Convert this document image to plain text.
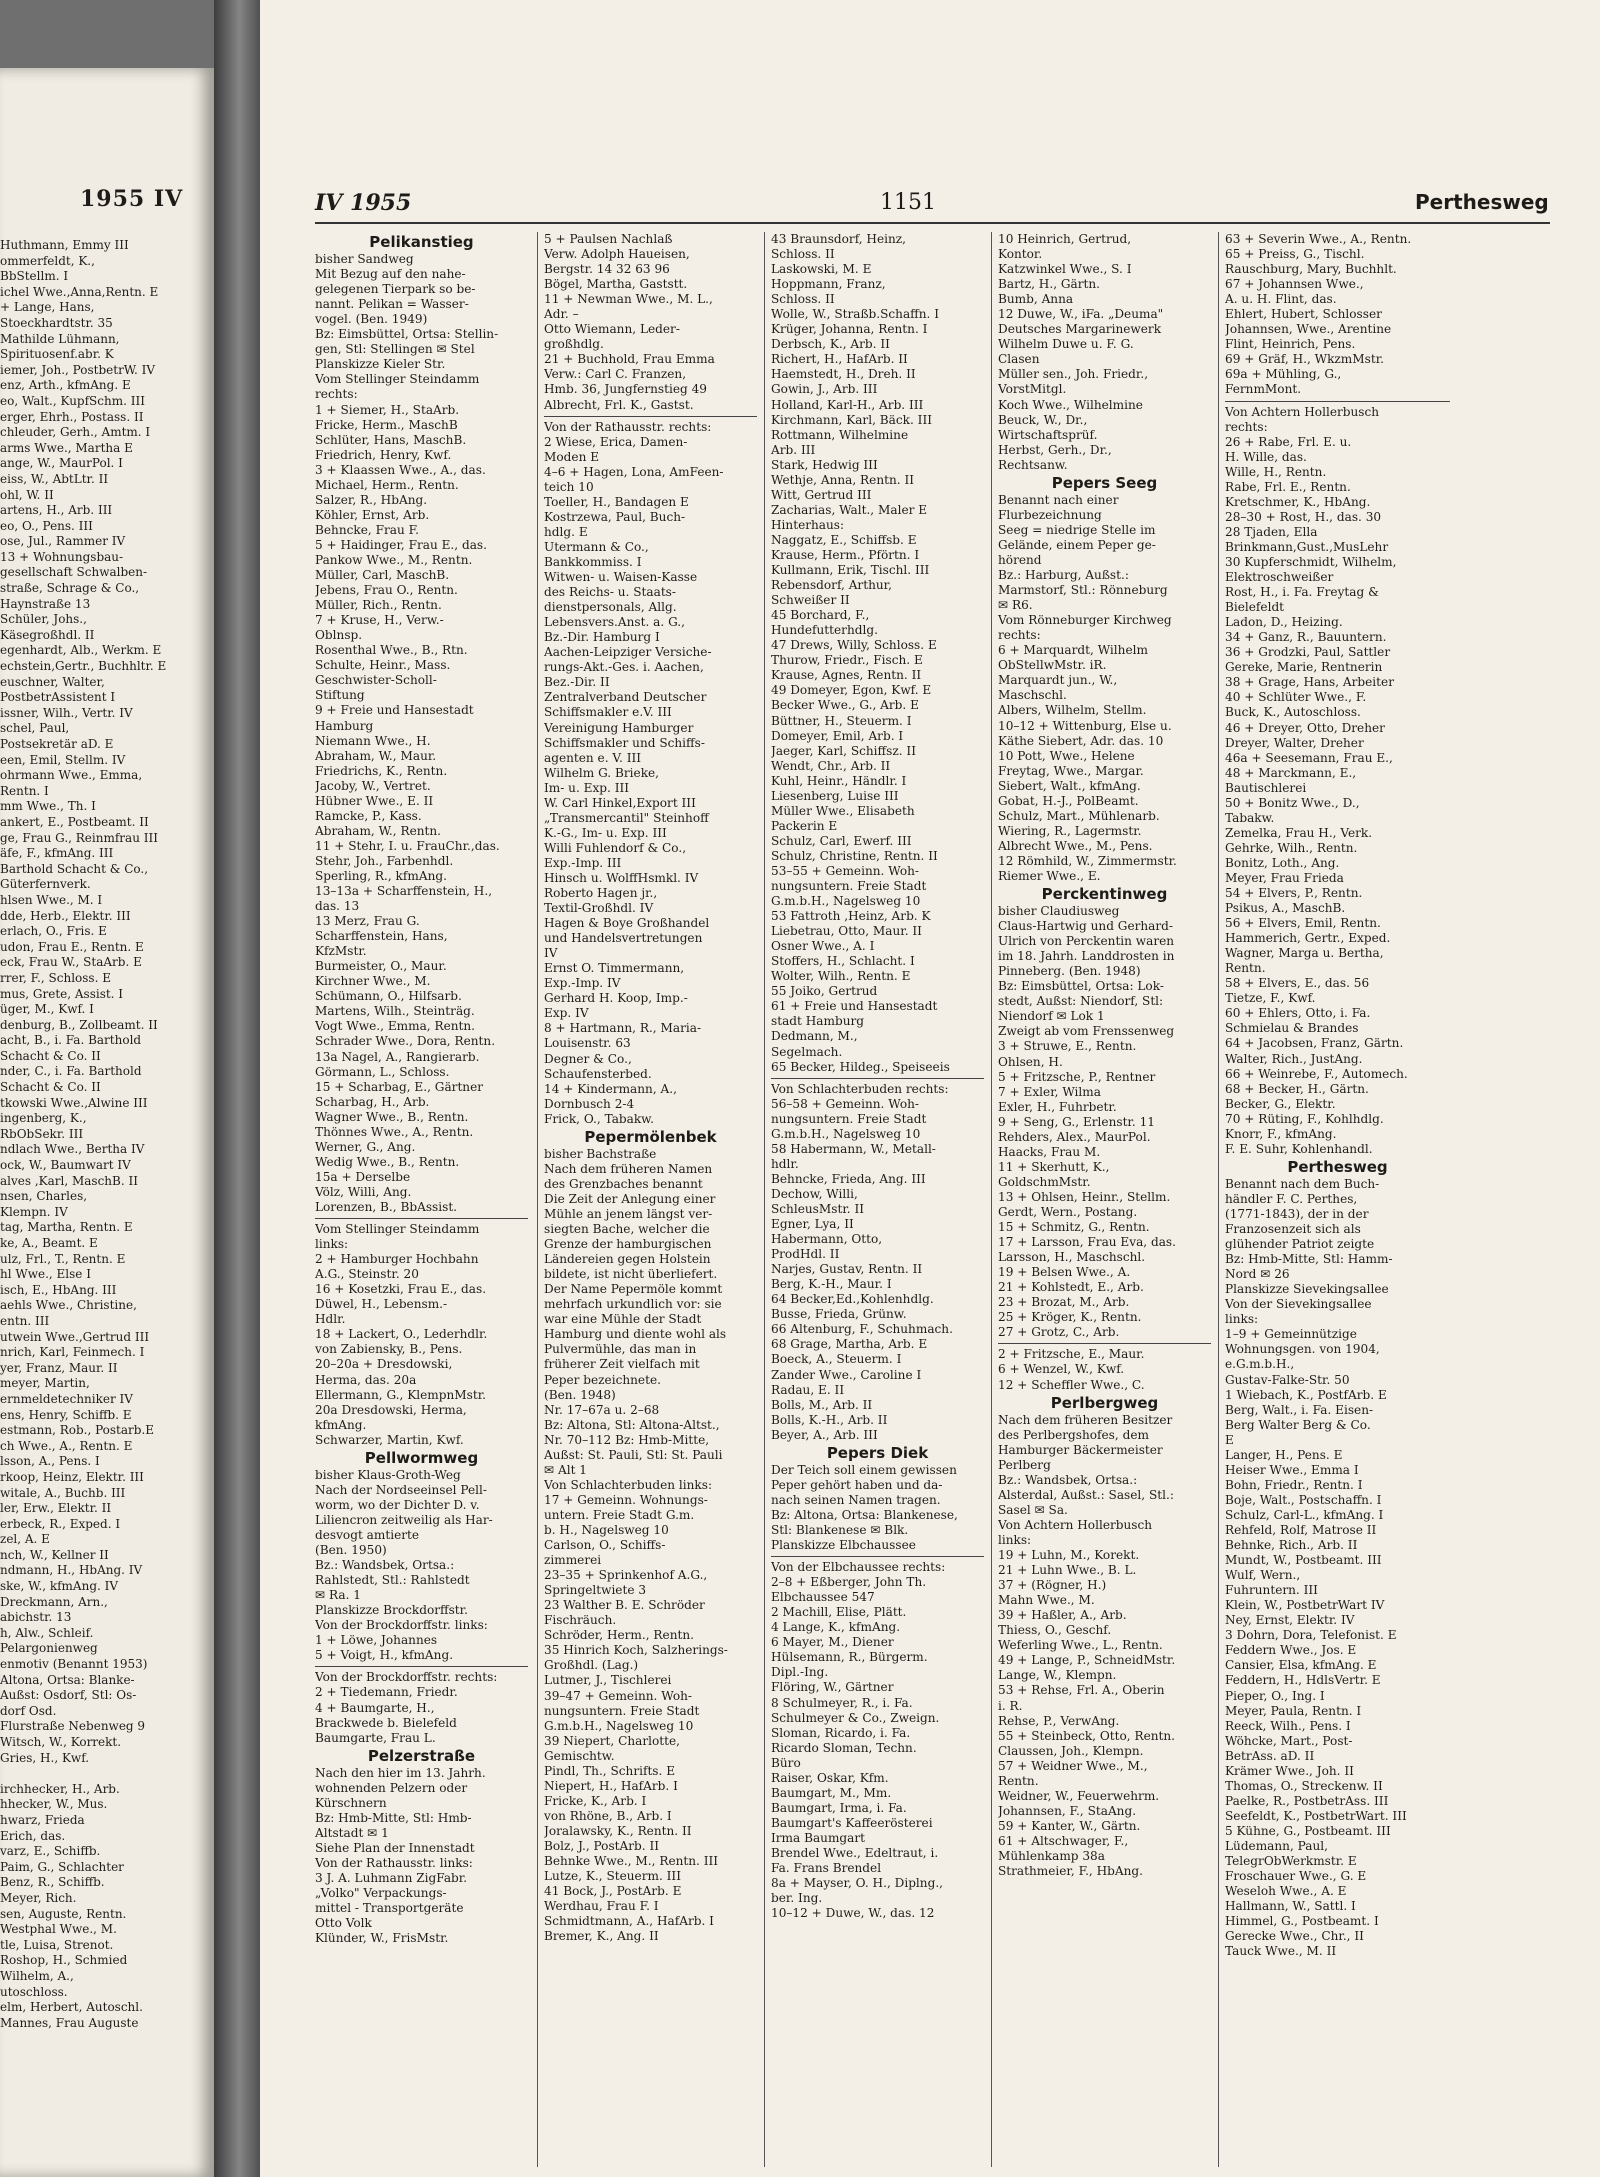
1955 IV
Huthmann, Emmy III
ommerfeldt, K.,
BbStellm. I
ichel Wwe.,Anna,Rentn. E
+ Lange, Hans,
Stoeckhardtstr. 35
Mathilde Lühmann,
Spirituosenf.abr. K
iemer, Joh., PostbetrW. IV
enz, Arth., kfmAng. E
eo, Walt., KupfSchm. III
erger, Ehrh., Postass. II
chleuder, Gerh., Amtm. I
arms Wwe., Martha E
ange, W., MaurPol. I
eiss, W., AbtLtr. II
ohl, W. II
artens, H., Arb. III
eo, O., Pens. III
ose, Jul., Rammer IV
13 + Wohnungsbau-
gesellschaft Schwalben-
straße, Schrage & Co.,
Haynstraße 13
Schüler, Johs.,
Käsegroßhdl. II
egenhardt, Alb., Werkm. E
echstein,Gertr., Buchhltr. E
euschner, Walter,
PostbetrAssistent I
issner, Wilh., Vertr. IV
schel, Paul,
Postsekretär aD. E
een, Emil, Stellm. IV
ohrmann Wwe., Emma,
Rentn. I
mm Wwe., Th. I
ankert, E., Postbeamt. II
ge, Frau G., Reinmfrau III
äfe, F., kfmAng. III
Barthold Schacht & Co.,
Güterfernverk.
hlsen Wwe., M. I
dde, Herb., Elektr. III
erlach, O., Fris. E
udon, Frau E., Rentn. E
eck, Frau W., StaArb. E
rrer, F., Schloss. E
mus, Grete, Assist. I
üger, M., Kwf. I
denburg, B., Zollbeamt. II
acht, B., i. Fa. Barthold
Schacht & Co. II
nder, C., i. Fa. Barthold
Schacht & Co. II
tkowski Wwe.,Alwine III
ingenberg, K.,
RbObSekr. III
ndlach Wwe., Bertha IV
ock, W., Baumwart IV
alves ,Karl, MaschB. II
nsen, Charles,
Klempn. IV
tag, Martha, Rentn. E
ke, A., Beamt. E
ulz, Frl., T., Rentn. E
hl Wwe., Else I
isch, E., HbAng. III
aehls Wwe., Christine,
entn. III
utwein Wwe.,Gertrud III
nrich, Karl, Feinmech. I
yer, Franz, Maur. II
meyer, Martin,
ernmeldetechniker IV
ens, Henry, Schiffb. E
estmann, Rob., Postarb.E
ch Wwe., A., Rentn. E
lsson, A., Pens. I
rkoop, Heinz, Elektr. III
witale, A., Buchb. III
ler, Erw., Elektr. II
erbeck, R., Exped. I
zel, A. E
nch, W., Kellner II
ndmann, H., HbAng. IV
ske, W., kfmAng. IV
Dreckmann, Arn.,
abichstr. 13
h, Alw., Schleif.
Pelargonienweg
enmotiv (Benannt 1953)
Altona, Ortsa: Blanke-
Außst: Osdorf, Stl: Os-
dorf Osd.
Flurstraße Nebenweg 9
Witsch, W., Korrekt.
Gries, H., Kwf.

irchhecker, H., Arb.
hhecker, W., Mus.
hwarz, Frieda
Erich, das.
varz, E., Schiffb.
Paim, G., Schlachter
Benz, R., Schiffb.
Meyer, Rich.
sen, Auguste, Rentn.
Westphal Wwe., M.
tle, Luisa, Strenot.
Roshop, H., Schmied
Wilhelm, A.,
utoschloss.
elm, Herbert, Autoschl.
Mannes, Frau Auguste
IV 1955	1151	Perthesweg
Pelikanstieg
bisher Sandweg
Mit Bezug auf den nahe-
gelegenen Tierpark so be-
nannt. Pelikan = Wasser-
vogel. (Ben. 1949)
Bz: Eimsbüttel, Ortsa: Stellin-
gen, Stl: Stellingen ✉ Stel
Planskizze Kieler Str.
Vom Stellinger Steindamm
rechts:
1 + Siemer, H., StaArb.
Fricke, Herm., MaschB
Schlüter, Hans, MaschB.
Friedrich, Henry, Kwf.
3 + Klaassen Wwe., A., das.
Michael, Herm., Rentn.
Salzer, R., HbAng.
Köhler, Ernst, Arb.
Behncke, Frau F.
5 + Haidinger, Frau E., das.
Pankow Wwe., M., Rentn.
Müller, Carl, MaschB.
Jebens, Frau O., Rentn.
Müller, Rich., Rentn.
7 + Kruse, H., Verw.-
Oblnsp.
Rosenthal Wwe., B., Rtn.
Schulte, Heinr., Mass.
Geschwister-Scholl-
Stiftung
9 + Freie und Hansestadt
Hamburg
Niemann Wwe., H.
Abraham, W., Maur.
Friedrichs, K., Rentn.
Jacoby, W., Vertret.
Hübner Wwe., E. II
Ramcke, P., Kass.
Abraham, W., Rentn.
11 + Stehr, I. u. FrauChr.,das.
Stehr, Joh., Farbenhdl.
Sperling, R., kfmAng.
13–13a + Scharffenstein, H.,
das. 13
13 Merz, Frau G.
Scharffenstein, Hans,
KfzMstr.
Burmeister, O., Maur.
Kirchner Wwe., M.
Schümann, O., Hilfsarb.
Martens, Wilh., Steinträg.
Vogt Wwe., Emma, Rentn.
Schrader Wwe., Dora, Rentn.
13a Nagel, A., Rangierarb.
Görmann, L., Schloss.
15 + Scharbag, E., Gärtner
Scharbag, H., Arb.
Wagner Wwe., B., Rentn.
Thönnes Wwe., A., Rentn.
Werner, G., Ang.
Wedig Wwe., B., Rentn.
15a + Derselbe
Völz, Willi, Ang.
Lorenzen, B., BbAssist.
Vom Stellinger Steindamm
links:
2 + Hamburger Hochbahn
A.G., Steinstr. 20
16 + Kosetzki, Frau E., das.
Düwel, H., Lebensm.-
Hdlr.
18 + Lackert, O., Lederhdlr.
von Zabiensky, B., Pens.
20–20a + Dresdowski,
Herma, das. 20a
Ellermann, G., KlempnMstr.
20a Dresdowski, Herma,
kfmAng.
Schwarzer, Martin, Kwf.
Pellwormweg
bisher Klaus-Groth-Weg
Nach der Nordseeinsel Pell-
worm, wo der Dichter D. v.
Liliencron zeitweilig als Har-
desvogt amtierte
(Ben. 1950)
Bz.: Wandsbek, Ortsa.:
Rahlstedt, Stl.: Rahlstedt
✉ Ra. 1
Planskizze Brockdorffstr.
Von der Brockdorffstr. links:
1 + Löwe, Johannes
5 + Voigt, H., kfmAng.
Von der Brockdorffstr. rechts:
2 + Tiedemann, Friedr.
4 + Baumgarte, H.,
Brackwede b. Bielefeld
Baumgarte, Frau L.
Pelzerstraße
Nach den hier im 13. Jahrh.
wohnenden Pelzern oder
Kürschnern
Bz: Hmb-Mitte, Stl: Hmb-
Altstadt ✉ 1
Siehe Plan der Innenstadt
Von der Rathausstr. links:
3 J. A. Luhmann ZigFabr.
„Volko" Verpackungs-
mittel - Transportgeräte
Otto Volk
Klünder, W., FrisMstr.
5 + Paulsen Nachlaß
Verw. Adolph Haueisen,
Bergstr. 14 32 63 96
Bögel, Martha, Gaststt.
11 + Newman Wwe., M. L.,
Adr. –
Otto Wiemann, Leder-
großhdlg.
21 + Buchhold, Frau Emma
Verw.: Carl C. Franzen,
Hmb. 36, Jungfernstieg 49
Albrecht, Frl. K., Gastst.
Von der Rathausstr. rechts:
2 Wiese, Erica, Damen-
Moden E
4–6 + Hagen, Lona, AmFeen-
teich 10
Toeller, H., Bandagen E
Kostrzewa, Paul, Buch-
hdlg. E
Utermann & Co.,
Bankkommiss. I
Witwen- u. Waisen-Kasse
des Reichs- u. Staats-
dienstpersonals, Allg.
Lebensvers.Anst. a. G.,
Bz.-Dir. Hamburg I
Aachen-Leipziger Versiche-
rungs-Akt.-Ges. i. Aachen,
Bez.-Dir. II
Zentralverband Deutscher
Schiffsmakler e.V. III
Vereinigung Hamburger
Schiffsmakler und Schiffs-
agenten e. V. III
Wilhelm G. Brieke,
Im- u. Exp. III
W. Carl Hinkel,Export III
„Transmercantil" Steinhoff
K.-G., Im- u. Exp. III
Willi Fuhlendorf & Co.,
Exp.-Imp. III
Hinsch u. WolffHsmkl. IV
Roberto Hagen jr.,
Textil-Großhdl. IV
Hagen & Boye Großhandel
und Handelsvertretungen
IV
Ernst O. Timmermann,
Exp.-Imp. IV
Gerhard H. Koop, Imp.-
Exp. IV
8 + Hartmann, R., Maria-
Louisenstr. 63
Degner & Co.,
Schaufensterbed.
14 + Kindermann, A.,
Dornbusch 2-4
Frick, O., Tabakw.
Pepermölenbek
bisher Bachstraße
Nach dem früheren Namen
des Grenzbaches benannt
Die Zeit der Anlegung einer
Mühle an jenem längst ver-
siegten Bache, welcher die
Grenze der hamburgischen
Ländereien gegen Holstein
bildete, ist nicht überliefert.
Der Name Pepermöle kommt
mehrfach urkundlich vor: sie
war eine Mühle der Stadt
Hamburg und diente wohl als
Pulvermühle, das man in
früherer Zeit vielfach mit
Peper bezeichnete.
(Ben. 1948)
Nr. 17–67a u. 2–68
Bz: Altona, Stl: Altona-Altst.,
Nr. 70–112 Bz: Hmb-Mitte,
Außst: St. Pauli, Stl: St. Pauli
✉ Alt 1
Von Schlachterbuden links:
17 + Gemeinn. Wohnungs-
untern. Freie Stadt G.m.
b. H., Nagelsweg 10
Carlson, O., Schiffs-
zimmerei
23–35 + Sprinkenhof A.G.,
Springeltwiete 3
23 Walther B. E. Schröder
Fischräuch.
Schröder, Herm., Rentn.
35 Hinrich Koch, Salzherings-
Großhdl. (Lag.)
Lutmer, J., Tischlerei
39–47 + Gemeinn. Woh-
nungsuntern. Freie Stadt
G.m.b.H., Nagelsweg 10
39 Niepert, Charlotte,
Gemischtw.
Pindl, Th., Schrifts. E
Niepert, H., HafArb. I
Fricke, K., Arb. I
von Rhöne, B., Arb. I
Joralawsky, K., Rentn. II
Bolz, J., PostArb. II
Behnke Wwe., M., Rentn. III
Lutze, K., Steuerm. III
41 Bock, J., PostArb. E
Werdhau, Frau F. I
Schmidtmann, A., HafArb. I
Bremer, K., Ang. II
43 Braunsdorf, Heinz,
Schloss. II
Laskowski, M. E
Hoppmann, Franz,
Schloss. II
Wolle, W., Straßb.Schaffn. I
Krüger, Johanna, Rentn. I
Derbsch, K., Arb. II
Richert, H., HafArb. II
Haemstedt, H., Dreh. II
Gowin, J., Arb. III
Holland, Karl-H., Arb. III
Kirchmann, Karl, Bäck. III
Rottmann, Wilhelmine
Arb. III
Stark, Hedwig III
Wethje, Anna, Rentn. II
Witt, Gertrud III
Zacharias, Walt., Maler E
Hinterhaus:
Naggatz, E., Schiffsb. E
Krause, Herm., Pförtn. I
Kullmann, Erik, Tischl. III
Rebensdorf, Arthur,
Schweißer II
45 Borchard, F.,
Hundefutterhdlg.
47 Drews, Willy, Schloss. E
Thurow, Friedr., Fisch. E
Krause, Agnes, Rentn. II
49 Domeyer, Egon, Kwf. E
Becker Wwe., G., Arb. E
Büttner, H., Steuerm. I
Domeyer, Emil, Arb. I
Jaeger, Karl, Schiffsz. II
Wendt, Chr., Arb. II
Kuhl, Heinr., Händlr. I
Liesenberg, Luise III
Müller Wwe., Elisabeth
Packerin E
Schulz, Carl, Ewerf. III
Schulz, Christine, Rentn. II
53–55 + Gemeinn. Woh-
nungsuntern. Freie Stadt
G.m.b.H., Nagelsweg 10
53 Fattroth ,Heinz, Arb. K
Liebetrau, Otto, Maur. II
Osner Wwe., A. I
Stoffers, H., Schlacht. I
Wolter, Wilh., Rentn. E
55 Joiko, Gertrud
61 + Freie und Hansestadt
stadt Hamburg
Dedmann, M.,
Segelmach.
65 Becker, Hildeg., Speiseeis
Von Schlachterbuden rechts:
56–58 + Gemeinn. Woh-
nungsuntern. Freie Stadt
G.m.b.H., Nagelsweg 10
58 Habermann, W., Metall-
hdlr.
Behncke, Frieda, Ang. III
Dechow, Willi,
SchleusMstr. II
Egner, Lya, II
Habermann, Otto,
ProdHdl. II
Narjes, Gustav, Rentn. II
Berg, K.-H., Maur. I
64 Becker,Ed.,Kohlenhdlg.
Busse, Frieda, Grünw.
66 Altenburg, F., Schuhmach.
68 Grage, Martha, Arb. E
Boeck, A., Steuerm. I
Zander Wwe., Caroline I
Radau, E. II
Bolls, M., Arb. II
Bolls, K.-H., Arb. II
Beyer, A., Arb. III
Pepers Diek
Der Teich soll einem gewissen
Peper gehört haben und da-
nach seinen Namen tragen.
Bz: Altona, Ortsa: Blankenese,
Stl: Blankenese ✉ Blk.
Planskizze Elbchaussee
Von der Elbchaussee rechts:
2–8 + Eßberger, John Th.
Elbchaussee 547
2 Machill, Elise, Plätt.
4 Lange, K., kfmAng.
6 Mayer, M., Diener
Hülsemann, R., Bürgerm.
Dipl.-Ing.
Flöring, W., Gärtner
8 Schulmeyer, R., i. Fa.
Schulmeyer & Co., Zweign.
Sloman, Ricardo, i. Fa.
Ricardo Sloman, Techn.
Büro
Raiser, Oskar, Kfm.
Baumgart, M., Mm.
Baumgart, Irma, i. Fa.
Baumgart's Kaffeerösterei
Irma Baumgart
Brendel Wwe., Edeltraut, i.
Fa. Frans Brendel
8a + Mayser, O. H., Diplng.,
ber. Ing.
10–12 + Duwe, W., das. 12
10 Heinrich, Gertrud,
Kontor.
Katzwinkel Wwe., S. I
Bartz, H., Gärtn.
Bumb, Anna
12 Duwe, W., iFa. „Deuma"
Deutsches Margarinewerk
Wilhelm Duwe u. F. G.
Clasen
Müller sen., Joh. Friedr.,
VorstMitgl.
Koch Wwe., Wilhelmine
Beuck, W., Dr.,
Wirtschaftsprüf.
Herbst, Gerh., Dr.,
Rechtsanw.
Pepers Seeg
Benannt nach einer
Flurbezeichnung
Seeg = niedrige Stelle im
Gelände, einem Peper ge-
hörend
Bz.: Harburg, Außst.:
Marmstorf, Stl.: Rönneburg
✉ R6.
Vom Rönneburger Kirchweg
rechts:
6 + Marquardt, Wilhelm
ObStellwMstr. iR.
Marquardt jun., W.,
Maschschl.
Albers, Wilhelm, Stellm.
10–12 + Wittenburg, Else u.
Käthe Siebert, Adr. das. 10
10 Pott, Wwe., Helene
Freytag, Wwe., Margar.
Siebert, Walt., kfmAng.
Gobat, H.-J., PolBeamt.
Schulz, Mart., Mühlenarb.
Wiering, R., Lagermstr.
Albrecht Wwe., M., Pens.
12 Römhild, W., Zimmermstr.
Riemer Wwe., E.
Perckentinweg
bisher Claudiusweg
Claus-Hartwig und Gerhard-
Ulrich von Perckentin waren
im 18. Jahrh. Landdrosten in
Pinneberg. (Ben. 1948)
Bz: Eimsbüttel, Ortsa: Lok-
stedt, Außst: Niendorf, Stl:
Niendorf ✉ Lok 1
Zweigt ab vom Frenssenweg
3 + Struwe, E., Rentn.
Ohlsen, H.
5 + Fritzsche, P., Rentner
7 + Exler, Wilma
Exler, H., Fuhrbetr.
9 + Seng, G., Erlenstr. 11
Rehders, Alex., MaurPol.
Haacks, Frau M.
11 + Skerhutt, K.,
GoldschmMstr.
13 + Ohlsen, Heinr., Stellm.
Gerdt, Wern., Postang.
15 + Schmitz, G., Rentn.
17 + Larsson, Frau Eva, das.
Larsson, H., Maschschl.
19 + Belsen Wwe., A.
21 + Kohlstedt, E., Arb.
23 + Brozat, M., Arb.
25 + Kröger, K., Rentn.
27 + Grotz, C., Arb.
2 + Fritzsche, E., Maur.
6 + Wenzel, W., Kwf.
12 + Scheffler Wwe., C.
Perlbergweg
Nach dem früheren Besitzer
des Perlbergshofes, dem
Hamburger Bäckermeister
Perlberg
Bz.: Wandsbek, Ortsa.:
Alsterdal, Außst.: Sasel, Stl.:
Sasel ✉ Sa.
Von Achtern Hollerbusch
links:
19 + Luhn, M., Korekt.
21 + Luhn Wwe., B. L.
37 + (Rögner, H.)
Mahn Wwe., M.
39 + Haßler, A., Arb.
Thiess, O., Geschf.
Weferling Wwe., L., Rentn.
49 + Lange, P., SchneidMstr.
Lange, W., Klempn.
53 + Rehse, Frl. A., Oberin
i. R.
Rehse, P., VerwAng.
55 + Steinbeck, Otto, Rentn.
Claussen, Joh., Klempn.
57 + Weidner Wwe., M.,
Rentn.
Weidner, W., Feuerwehrm.
Johannsen, F., StaAng.
59 + Kanter, W., Gärtn.
61 + Altschwager, F.,
Mühlenkamp 38a
Strathmeier, F., HbAng.
63 + Severin Wwe., A., Rentn.
65 + Preiss, G., Tischl.
Rauschburg, Mary, Buchhlt.
67 + Johannsen Wwe.,
A. u. H. Flint, das.
Ehlert, Hubert, Schlosser
Johannsen, Wwe., Arentine
Flint, Heinrich, Pens.
69 + Gräf, H., WkzmMstr.
69a + Mühling, G.,
FernmMont.
Von Achtern Hollerbusch
rechts:
26 + Rabe, Frl. E. u.
H. Wille, das.
Wille, H., Rentn.
Rabe, Frl. E., Rentn.
Kretschmer, K., HbAng.
28–30 + Rost, H., das. 30
28 Tjaden, Ella
Brinkmann,Gust.,MusLehr
30 Kupferschmidt, Wilhelm,
Elektroschweißer
Rost, H., i. Fa. Freytag &
Bielefeldt
Ladon, D., Heizing.
34 + Ganz, R., Bauuntern.
36 + Grodzki, Paul, Sattler
Gereke, Marie, Rentnerin
38 + Grage, Hans, Arbeiter
40 + Schlüter Wwe., F.
Buck, K., Autoschloss.
46 + Dreyer, Otto, Dreher
Dreyer, Walter, Dreher
46a + Seesemann, Frau E.,
48 + Marckmann, E.,
Bautischlerei
50 + Bonitz Wwe., D.,
Tabakw.
Zemelka, Frau H., Verk.
Gehrke, Wilh., Rentn.
Bonitz, Loth., Ang.
Meyer, Frau Frieda
54 + Elvers, P., Rentn.
Psikus, A., MaschB.
56 + Elvers, Emil, Rentn.
Hammerich, Gertr., Exped.
Wagner, Marga u. Bertha,
Rentn.
58 + Elvers, E., das. 56
Tietze, F., Kwf.
60 + Ehlers, Otto, i. Fa.
Schmielau & Brandes
64 + Jacobsen, Franz, Gärtn.
Walter, Rich., JustAng.
66 + Weinrebe, F., Automech.
68 + Becker, H., Gärtn.
Becker, G., Elektr.
70 + Rüting, F., Kohlhdlg.
Knorr, F., kfmAng.
F. E. Suhr, Kohlenhandl.
Perthesweg
Benannt nach dem Buch-
händler F. C. Perthes,
(1771-1843), der in der
Franzosenzeit sich als
glühender Patriot zeigte
Bz: Hmb-Mitte, Stl: Hamm-
Nord ✉ 26
Planskizze Sievekingsallee
Von der Sievekingsallee
links:
1–9 + Gemeinnützige
Wohnungsgen. von 1904,
e.G.m.b.H.,
Gustav-Falke-Str. 50
1 Wiebach, K., PostfArb. E
Berg, Walt., i. Fa. Eisen-
Berg Walter Berg & Co.
E
Langer, H., Pens. E
Heiser Wwe., Emma I
Bohn, Friedr., Rentn. I
Boje, Walt., Postschaffn. I
Schulz, Carl-L., kfmAng. I
Rehfeld, Rolf, Matrose II
Behnke, Rich., Arb. II
Mundt, W., Postbeamt. III
Wulf, Wern.,
Fuhruntern. III
Klein, W., PostbetrWart IV
Ney, Ernst, Elektr. IV
3 Dohrn, Dora, Telefonist. E
Feddern Wwe., Jos. E
Cansier, Elsa, kfmAng. E
Feddern, H., HdlsVertr. E
Pieper, O., Ing. I
Meyer, Paula, Rentn. I
Reeck, Wilh., Pens. I
Wöhcke, Mart., Post-
BetrAss. aD. II
Krämer Wwe., Joh. II
Thomas, O., Streckenw. II
Paelke, R., PostbetrAss. III
Seefeldt, K., PostbetrWart. III
5 Kühne, G., Postbeamt. III
Lüdemann, Paul,
TelegrObWerkmstr. E
Froschauer Wwe., G. E
Weseloh Wwe., A. E
Hallmann, W., Sattl. I
Himmel, G., Postbeamt. I
Gerecke Wwe., Chr., II
Tauck Wwe., M. II
